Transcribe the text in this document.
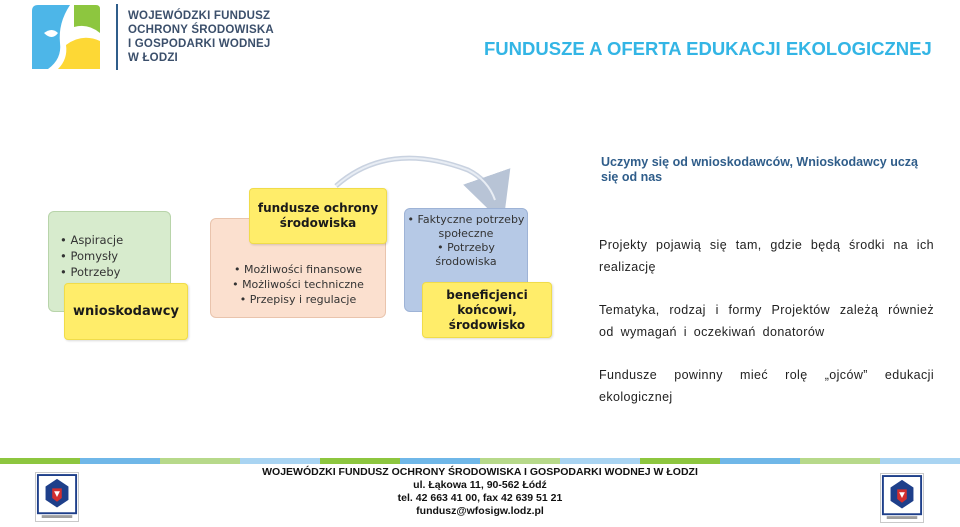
WOJEWÓDZKI FUNDUSZ
OCHRONY ŚRODOWISKA
I GOSPODARKI WODNEJ
W ŁODZI	FUNDUSZE A OFERTA EDUKACJI EKOLOGICZNEJ
• Aspiracje
• Pomysły
• Potrzeby
wnioskodawcy
• Możliwości finansowe
• Możliwości techniczne
• Przepisy i regulacje
fundusze ochrony środowiska	• Faktyczne potrzeby społeczne
• Potrzeby środowiska
beneficjenci końcowi, środowisko
Uczymy się od wnioskodawców, Wnioskodawcy uczą się od nas
Projekty pojawią się tam, gdzie będą środki na ich realizację
Tematyka, rodzaj i formy Projektów zależą również od wymagań i oczekiwań donatorów
Fundusze powinny mieć rolę „ojców” edukacji ekologicznej
WOJEWÓDZKI FUNDUSZ OCHRONY ŚRODOWISKA I GOSPODARKI WODNEJ W ŁODZI
ul. Łąkowa 11, 90-562 Łódź
tel. 42 663 41 00, fax 42 639 51 21
fundusz@wfosigw.lodz.pl
